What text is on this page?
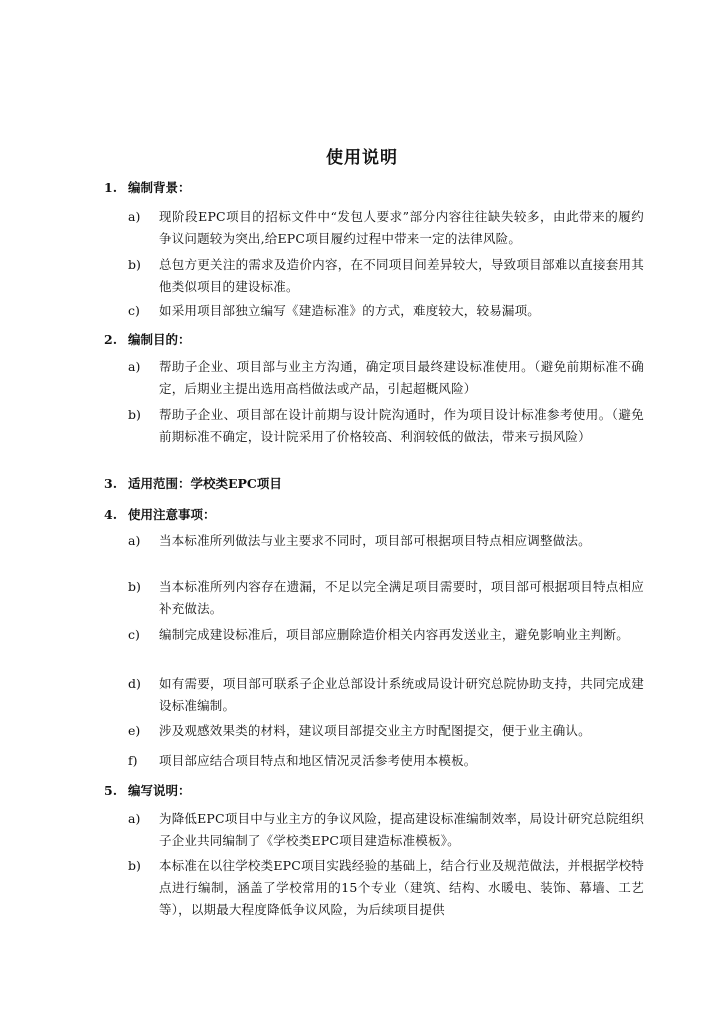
使用说明
1. 编制背景：
a)	现阶段EPC项目的招标文件中“发包人要求”部分内容往往缺失较多，由此带来的履约争议问题较为突出,给EPC项目履约过程中带来一定的法律风险。
b)	总包方更关注的需求及造价内容，在不同项目间差异较大，导致项目部难以直接套用其他类似项目的建设标准。
c)	如采用项目部独立编写《建造标准》的方式，难度较大，较易漏项。
2. 编制目的：
a)	帮助子企业、项目部与业主方沟通，确定项目最终建设标准使用。（避免前期标准不确定，后期业主提出选用高档做法或产品，引起超概风险）
b)	帮助子企业、项目部在设计前期与设计院沟通时，作为项目设计标准参考使用。（避免前期标准不确定，设计院采用了价格较高、利润较低的做法，带来亏损风险）
3. 适用范围：学校类EPC项目
4. 使用注意事项：
a)	当本标准所列做法与业主要求不同时，项目部可根据项目特点相应调整做法。
b)	当本标准所列内容存在遗漏，不足以完全满足项目需要时，项目部可根据项目特点相应补充做法。
c)	编制完成建设标准后，项目部应删除造价相关内容再发送业主，避免影响业主判断。
d)	如有需要，项目部可联系子企业总部设计系统或局设计研究总院协助支持，共同完成建设标准编制。
e)	涉及观感效果类的材料，建议项目部提交业主方时配图提交，便于业主确认。
f)	项目部应结合项目特点和地区情况灵活参考使用本模板。
5. 编写说明：
a)	为降低EPC项目中与业主方的争议风险，提高建设标准编制效率，局设计研究总院组织子企业共同编制了《学校类EPC项目建造标准模板》。
b)	本标准在以往学校类EPC项目实践经验的基础上，结合行业及规范做法，并根据学校特点进行编制，涵盖了学校常用的15个专业（建筑、结构、水暖电、装饰、幕墙、工艺等），以期最大程度降低争议风险，为后续项目提供
